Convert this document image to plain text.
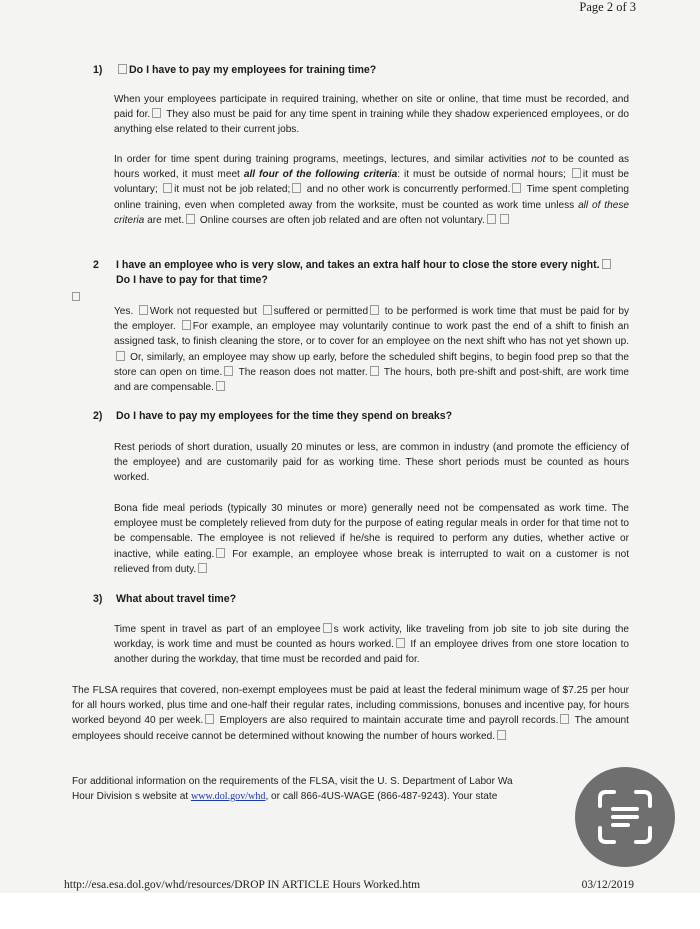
Page 2 of 3
1)	Do I have to pay my employees for training time?
When your employees participate in required training, whether on site or online, that time must be recorded, and paid for. They also must be paid for any time spent in training while they shadow experienced employees, or do anything else related to their current jobs.
In order for time spent during training programs, meetings, lectures, and similar activities not to be counted as hours worked, it must meet all four of the following criteria: it must be outside of normal hours; it must be voluntary; it must not be job related; and no other work is concurrently performed. Time spent completing online training, even when completed away from the worksite, must be counted as work time unless all of these criteria are met. Online courses are often job related and are often not voluntary.
2 I have an employee who is very slow, and takes an extra half hour to close the store every night.
Do I have to pay for that time?
Yes. Work not requested but suffered or permitted to be performed is work time that must be paid for by the employer. For example, an employee may voluntarily continue to work past the end of a shift to finish an assigned task, to finish cleaning the store, or to cover for an employee on the next shift who has not yet shown up. Or, similarly, an employee may show up early, before the scheduled shift begins, to begin food prep so that the store can open on time. The reason does not matter. The hours, both pre-shift and post-shift, are work time and are compensable.
2) Do I have to pay my employees for the time they spend on breaks?
Rest periods of short duration, usually 20 minutes or less, are common in industry (and promote the efficiency of the employee) and are customarily paid for as working time. These short periods must be counted as hours worked.
Bona fide meal periods (typically 30 minutes or more) generally need not be compensated as work time. The employee must be completely relieved from duty for the purpose of eating regular meals in order for that time not to be compensable. The employee is not relieved if he/she is required to perform any duties, whether active or inactive, while eating. For example, an employee whose break is interrupted to wait on a customer is not relieved from duty.
3) What about travel time?
Time spent in travel as part of an employee s work activity, like traveling from job site to job site during the workday, is work time and must be counted as hours worked. If an employee drives from one store location to another during the workday, that time must be recorded and paid for.
The FLSA requires that covered, non-exempt employees must be paid at least the federal minimum wage of $7.25 per hour for all hours worked, plus time and one-half their regular rates, including commissions, bonuses and incentive pay, for hours worked beyond 40 per week. Employers are also required to maintain accurate time and payroll records. The amount employees should receive cannot be determined without knowing the number of hours worked.
For additional information on the requirements of the FLSA, visit the U. S. Department of Labor Wa
Hour Division s website at www.dol.gov/whd, or call 866-4US-WAGE (866-487-9243). Your state
http://esa.esa.dol.gov/whd/resources/DROP IN ARTICLE Hours Worked.htm	03/12/2019
